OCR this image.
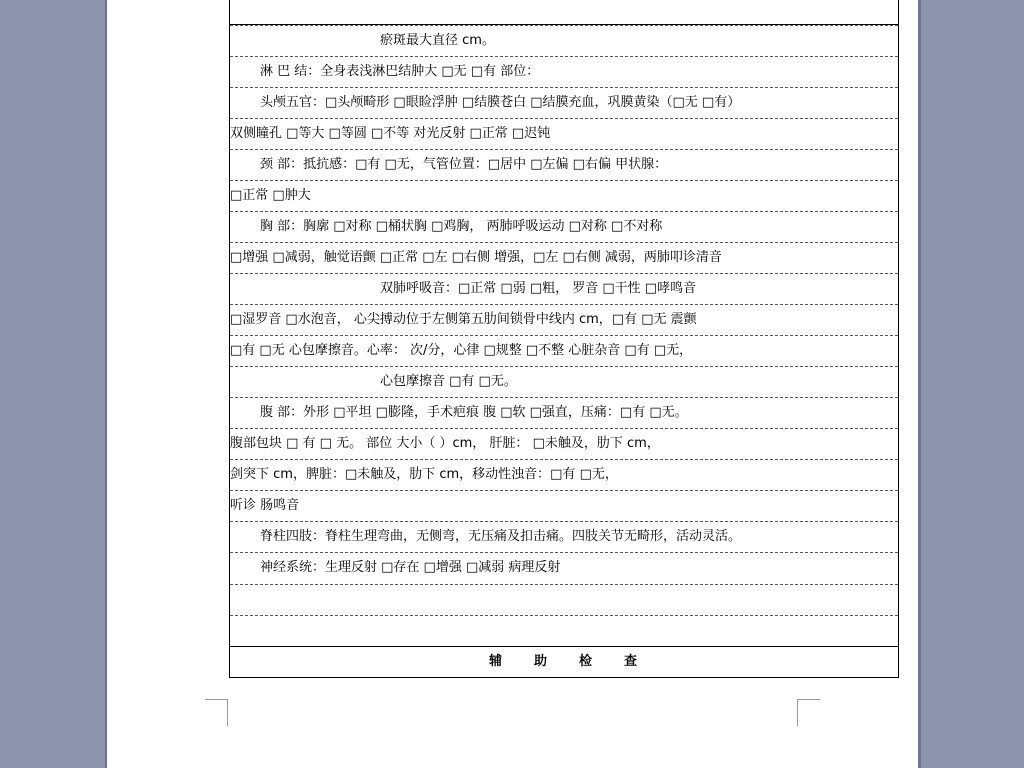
瘀斑最大直径 cm。
淋 巴 结：全身表浅淋巴结肿大 □无 □有 部位：
头颅五官：□头颅畸形 □眼睑浮肿 □结膜苍白 □结膜充血，巩膜黄染（□无 □有）
双侧瞳孔 □等大 □等圆 □不等 对光反射 □正常 □迟钝
颈 部：抵抗感：□有 □无，气管位置：□居中 □左偏 □右偏 甲状腺：
□正常 □肿大
胸 部：胸廓 □对称 □桶状胸 □鸡胸， 两肺呼吸运动 □对称 □不对称
□增强 □减弱，触觉语颤 □正常 □左 □右侧 增强，□左 □右侧 减弱，两肺叩诊清音
双肺呼吸音：□正常 □弱 □粗， 罗音 □干性 □哮鸣音
□湿罗音 □水泡音， 心尖搏动位于左侧第五肋间锁骨中线内 cm，□有 □无 震颤
□有 □无 心包摩擦音。心率： 次/分，心律 □规整 □不整 心脏杂音 □有 □无，
心包摩擦音 □有 □无。
腹 部：外形 □平坦 □膨隆，手术疤痕 腹 □软 □强直，压痛：□有 □无。
腹部包块 □ 有 □ 无。 部位 大小（ ）cm， 肝脏： □未触及，肋下 cm，
剑突下 cm，脾脏：□未触及，肋下 cm，移动性浊音：□有 □无，
听诊 肠鸣音
脊柱四肢：脊柱生理弯曲，无侧弯，无压痛及扣击痛。四肢关节无畸形，活动灵活。
神经系统：生理反射 □存在 □增强 □减弱 病理反射
辅助检查
